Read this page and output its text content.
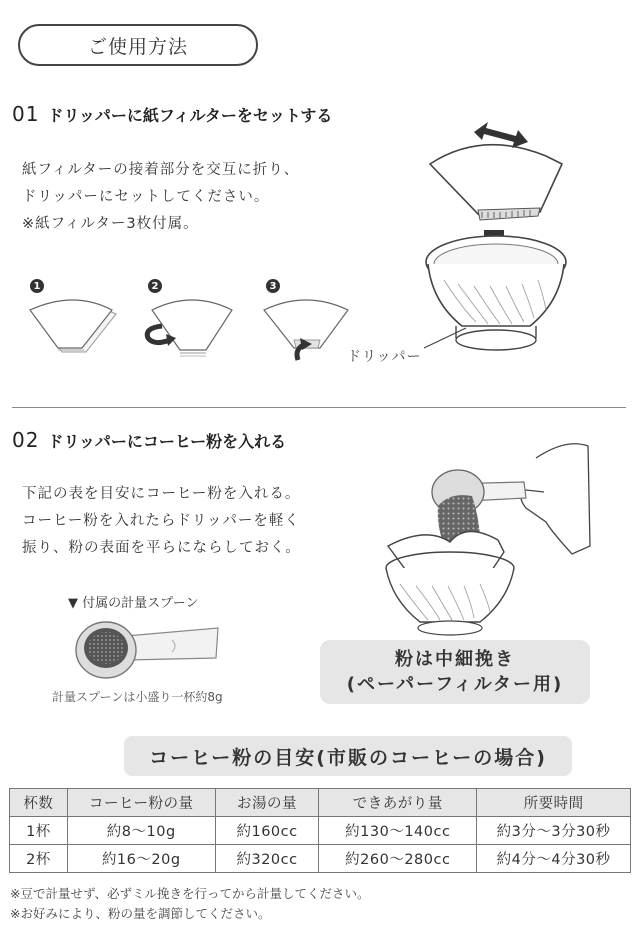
ご使用方法
01 ドリッパーに紙フィルターをセットする
紙フィルターの接着部分を交互に折り、
ドリッパーにセットしてください。
※紙フィルター3枚付属。
1	2	3
ドリッパー
02 ドリッパーにコーヒー粉を入れる
下記の表を目安にコーヒー粉を入れる。
コーヒー粉を入れたらドリッパーを軽く
振り、粉の表面を平らにならしておく。
▼ 付属の計量スプーン
計量スプーンは小盛り一杯約8g
粉は中細挽き
(ペーパーフィルター用)
コーヒー粉の目安(市販のコーヒーの場合)
杯数	コーヒー粉の量	お湯の量	できあがり量	所要時間
1杯	約8〜10g	約160cc	約130〜140cc	約3分〜3分30秒
2杯	約16〜20g	約320cc	約260〜280cc	約4分〜4分30秒
※豆で計量せず、必ずミル挽きを行ってから計量してください。
※お好みにより、粉の量を調節してください。
